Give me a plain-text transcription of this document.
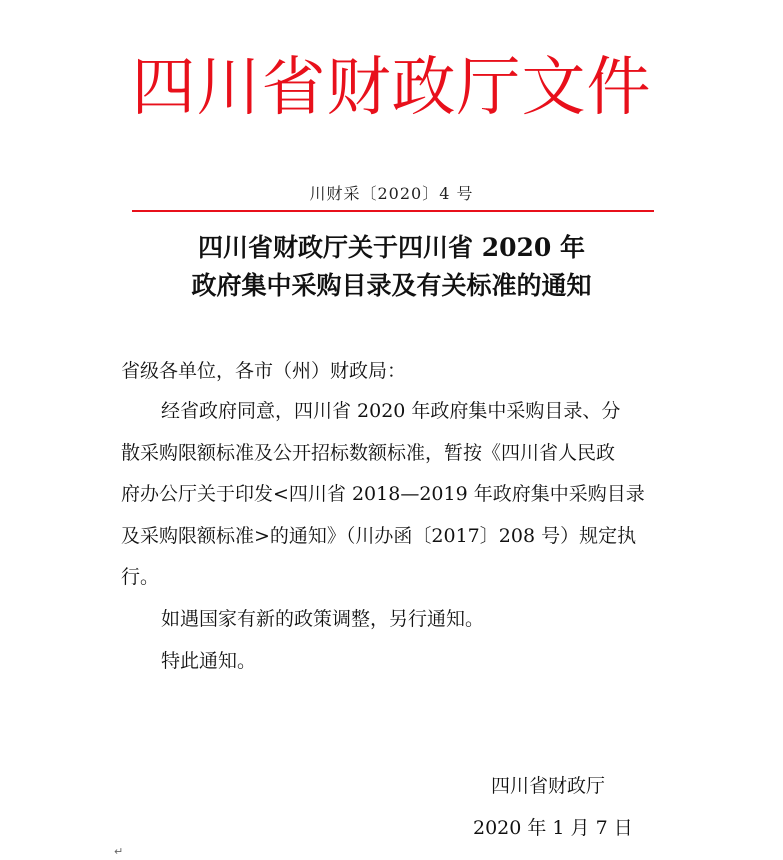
四川省财政厅文件
川财采〔2020〕4 号
四川省财政厅关于四川省 2020 年
政府集中采购目录及有关标准的通知
省级各单位，各市（州）财政局：
经省政府同意，四川省 2020 年政府集中采购目录、分
散采购限额标准及公开招标数额标准，暂按《四川省人民政
府办公厅关于印发<四川省 2018—2019 年政府集中采购目录
及采购限额标准>的通知》（川办函〔2017〕208 号）规定执
行。
如遇国家有新的政策调整，另行通知。
特此通知。
四川省财政厅
2020 年 1 月 7 日
↵
